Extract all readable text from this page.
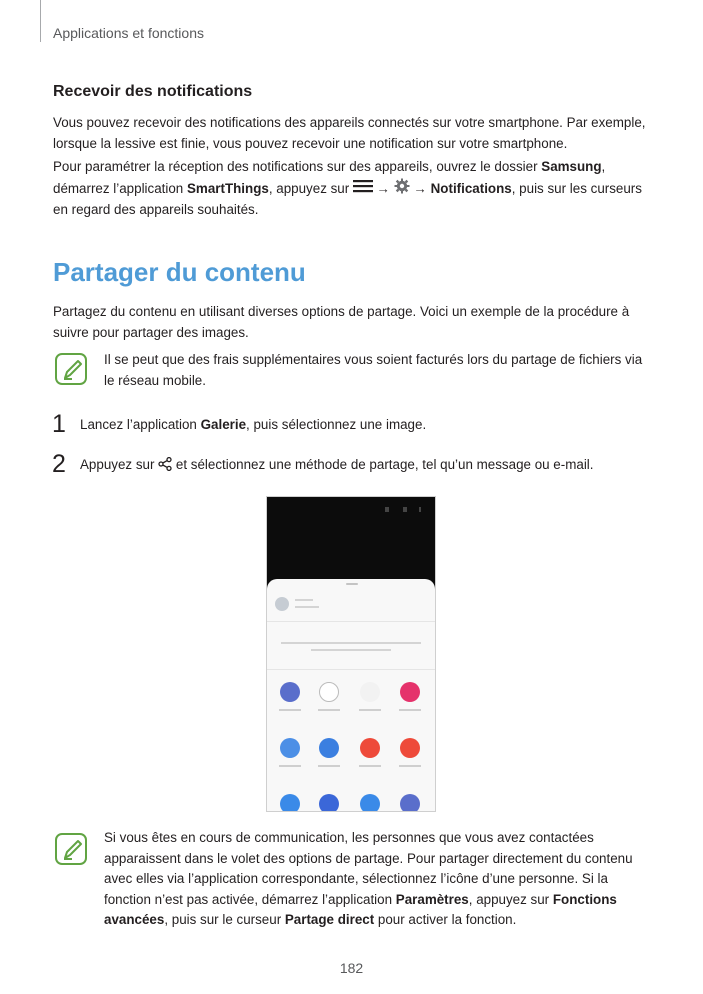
Applications et fonctions
Recevoir des notifications
Vous pouvez recevoir des notifications des appareils connectés sur votre smartphone. Par exemple, lorsque la lessive est finie, vous pouvez recevoir une notification sur votre smartphone.
Pour paramétrer la réception des notifications sur des appareils, ouvrez le dossier Samsung, démarrez l’application SmartThings, appuyez sur  →  → Notifications, puis sur les curseurs en regard des appareils souhaités.
Partager du contenu
Partagez du contenu en utilisant diverses options de partage. Voici un exemple de la procédure à suivre pour partager des images.
Il se peut que des frais supplémentaires vous soient facturés lors du partage de fichiers via le réseau mobile.
1 Lancez l’application Galerie, puis sélectionnez une image.
2 Appuyez sur  et sélectionnez une méthode de partage, tel qu’un message ou e-mail.
Si vous êtes en cours de communication, les personnes que vous avez contactées apparaissent dans le volet des options de partage. Pour partager directement du contenu avec elles via l’application correspondante, sélectionnez l’icône d’une personne. Si la fonction n’est pas activée, démarrez l’application Paramètres, appuyez sur Fonctions avancées, puis sur le curseur Partage direct pour activer la fonction.
182
